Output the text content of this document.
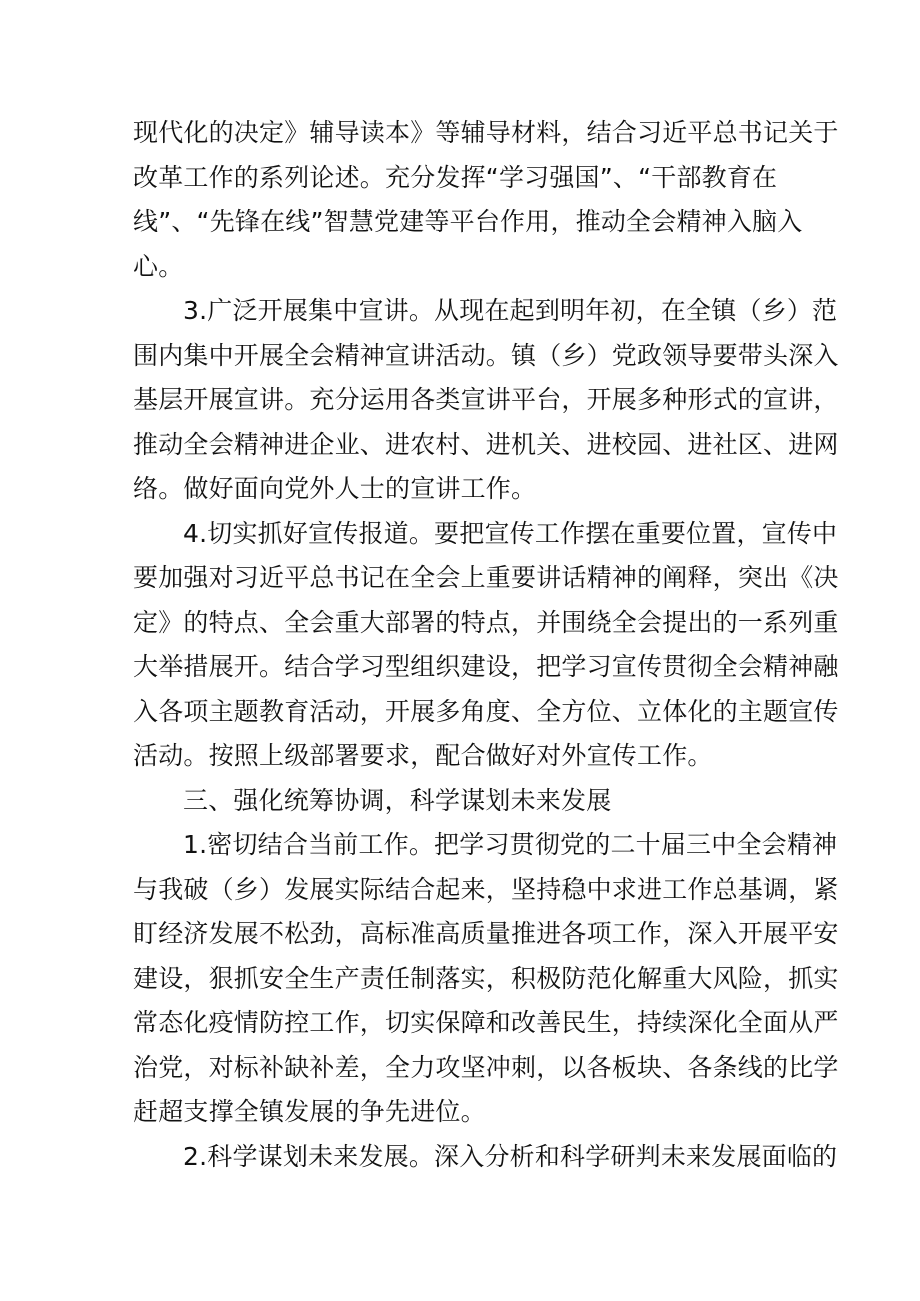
现代化的决定》辅导读本》等辅导材料，结合习近平总书记关于
改革工作的系列论述。充分发挥“学习强国”、“干部教育在
线”、“先锋在线”智慧党建等平台作用，推动全会精神入脑入
心。

3.广泛开展集中宣讲。从现在起到明年初，在全镇（乡）范
围内集中开展全会精神宣讲活动。镇（乡）党政领导要带头深入
基层开展宣讲。充分运用各类宣讲平台，开展多种形式的宣讲，
推动全会精神进企业、进农村、进机关、进校园、进社区、进网
络。做好面向党外人士的宣讲工作。

4.切实抓好宣传报道。要把宣传工作摆在重要位置，宣传中
要加强对习近平总书记在全会上重要讲话精神的阐释，突出《决
定》的特点、全会重大部署的特点，并围绕全会提出的一系列重
大举措展开。结合学习型组织建设，把学习宣传贯彻全会精神融
入各项主题教育活动，开展多角度、全方位、立体化的主题宣传
活动。按照上级部署要求，配合做好对外宣传工作。

三、强化统筹协调，科学谋划未来发展

1.密切结合当前工作。把学习贯彻党的二十届三中全会精神
与我破（乡）发展实际结合起来，坚持稳中求进工作总基调，紧
盯经济发展不松劲，高标准高质量推进各项工作，深入开展平安
建设，狠抓安全生产责任制落实，积极防范化解重大风险，抓实
常态化疫情防控工作，切实保障和改善民生，持续深化全面从严
治党，对标补缺补差，全力攻坚冲刺，以各板块、各条线的比学
赶超支撑全镇发展的争先进位。

2.科学谋划未来发展。深入分析和科学研判未来发展面临的
